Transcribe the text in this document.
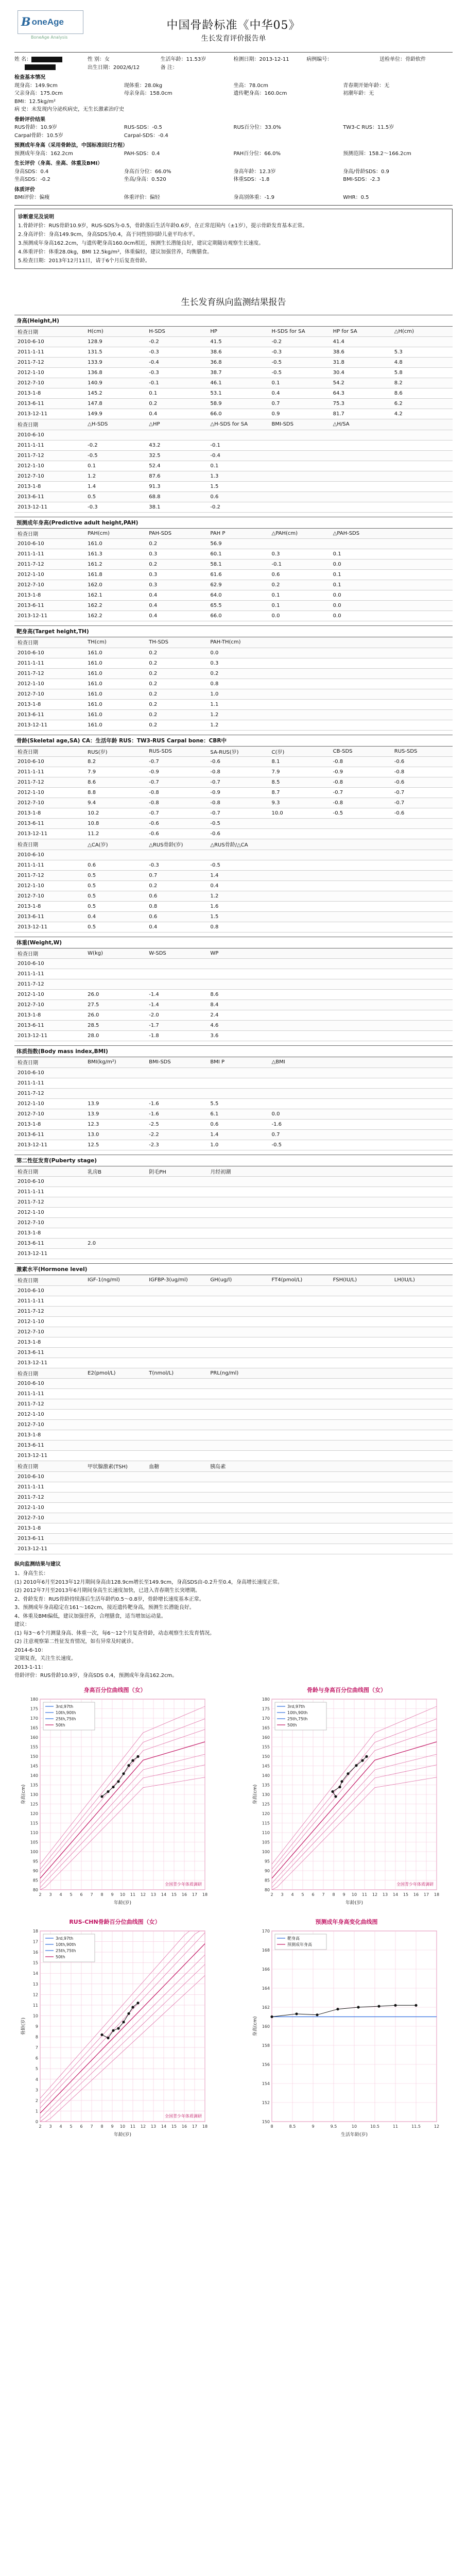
B oneAge
BoneAge Analysis
中国骨龄标准《中华05》
生长发育评价报告单
姓 名：	性 别：女	生活年龄：11.53岁	检测日期：2013-12-11	病例编号：	送检单位：骨龄软件
出生日期：2002/6/12	备 注：
检查基本情况
现身高：149.9cm	现体重：28.0kg	坐高：78.0cm	青春期开始年龄：无
父亲身高：175.0cm	母亲身高：158.0cm	遗传靶身高：160.0cm	初潮年龄：无
BMI：12.5kg/m²
病 史：未发现内分泌疾病史，无生长激素治疗史
骨龄评价结果
RUS骨龄：10.9岁	RUS-SDS：-0.5	RUS百分位：33.0%	TW3-C RUS：11.5岁
Carpal骨龄：10.5岁	Carpal-SDS：-0.4
预测成年身高（采用骨龄法，中国标准回归方程）
预测成年身高：162.2cm	PAH-SDS：0.4	PAH百分位：66.0%	预测范围：158.2～166.2cm
生长评价（身高、坐高、体重及BMI）
身高SDS：0.4	身高百分位：66.0%	身高年龄：12.3岁	身高/骨龄SDS：0.9
坐高SDS：-0.2	坐高/身高：0.520	体重SDS：-1.8	BMI-SDS：-2.3
体质评价
BMI评价：偏瘦	体重评价：偏轻	身高别体重：-1.9	WHR：0.5
诊断意见及说明
1.骨龄评价：RUS骨龄10.9岁，RUS-SDS为-0.5，骨龄落后生活年龄0.6岁，在正常范围内（±1岁），提示骨龄发育基本正常。
2.身高评价：身高149.9cm，身高SDS为0.4，高于同性别同龄儿童平均水平。
3.预测成年身高162.2cm，与遗传靶身高160.0cm相近，预测生长潜能良好，建议定期随访观察生长速度。
4.体重评价：体重28.0kg，BMI 12.5kg/m²，体重偏轻，建议加强营养，均衡膳食。
5.检查日期：2013年12月11日，请于6个月后复查骨龄。
生长发育纵向监测结果报告
身高(Height,H)
检查日期	H(cm)	H-SDS	HP	H-SDS for SA	HP for SA	△H(cm)
2010-6-10	128.9	-0.2	41.5	-0.2	41.4	
2011-1-11	131.5	-0.3	38.6	-0.3	38.6	5.3
2011-7-12	133.9	-0.4	36.8	-0.5	31.8	4.8
2012-1-10	136.8	-0.3	38.7	-0.5	30.4	5.8
2012-7-10	140.9	-0.1	46.1	0.1	54.2	8.2
2013-1-8	145.2	0.1	53.1	0.4	64.3	8.6
2013-6-11	147.8	0.2	58.9	0.7	75.3	6.2
2013-12-11	149.9	0.4	66.0	0.9	81.7	4.2
检查日期	△H-SDS	△HP	△H-SDS for SA	BMI-SDS	△H/SA	
2010-6-10						
2011-1-11	-0.2	43.2	-0.1			
2011-7-12	-0.5	32.5	-0.4			
2012-1-10	0.1	52.4	0.1			
2012-7-10	1.2	87.6	1.3			
2013-1-8	1.4	91.3	1.5			
2013-6-11	0.5	68.8	0.6			
2013-12-11	-0.3	38.1	-0.2			
预测成年身高(Predictive adult height,PAH)
检查日期	PAH(cm)	PAH-SDS	PAH P	△PAH(cm)	△PAH-SDS	
2010-6-10	161.0	0.2	56.9			
2011-1-11	161.3	0.3	60.1	0.3	0.1	
2011-7-12	161.2	0.2	58.1	-0.1	0.0	
2012-1-10	161.8	0.3	61.6	0.6	0.1	
2012-7-10	162.0	0.3	62.9	0.2	0.1	
2013-1-8	162.1	0.4	64.0	0.1	0.0	
2013-6-11	162.2	0.4	65.5	0.1	0.0	
2013-12-11	162.2	0.4	66.0	0.0	0.0	
靶身高(Target height,TH)
检查日期	TH(cm)	TH-SDS	PAH-TH(cm)			
2010-6-10	161.0	0.2	0.0			
2011-1-11	161.0	0.2	0.3			
2011-7-12	161.0	0.2	0.2			
2012-1-10	161.0	0.2	0.8			
2012-7-10	161.0	0.2	1.0			
2013-1-8	161.0	0.2	1.1			
2013-6-11	161.0	0.2	1.2			
2013-12-11	161.0	0.2	1.2			
骨龄(Skeletal age,SA) CA：生活年龄 RUS：TW3-RUS Carpal bone：CBR中
检查日期	RUS(岁)	RUS-SDS	SA-RUS(岁)	C(岁)	CB-SDS	RUS-SDS
2010-6-10	8.2	-0.7	-0.6	8.1	-0.8	-0.6
2011-1-11	7.9	-0.9	-0.8	7.9	-0.9	-0.8
2011-7-12	8.6	-0.7	-0.7	8.5	-0.8	-0.6
2012-1-10	8.8	-0.8	-0.9	8.7	-0.7	-0.7
2012-7-10	9.4	-0.8	-0.8	9.3	-0.8	-0.7
2013-1-8	10.2	-0.7	-0.7	10.0	-0.5	-0.6
2013-6-11	10.8	-0.6	-0.5			
2013-12-11	11.2	-0.6	-0.6			
检查日期	△CA(岁)	△RUS骨龄(岁)	△RUS骨龄/△CA			
2010-6-10						
2011-1-11	0.6	-0.3	-0.5			
2011-7-12	0.5	0.7	1.4			
2012-1-10	0.5	0.2	0.4			
2012-7-10	0.5	0.6	1.2			
2013-1-8	0.5	0.8	1.6			
2013-6-11	0.4	0.6	1.5			
2013-12-11	0.5	0.4	0.8			
体重(Weight,W)
检查日期	W(kg)	W-SDS	WP			
2010-6-10						
2011-1-11						
2011-7-12						
2012-1-10	26.0	-1.4	8.6			
2012-7-10	27.5	-1.4	8.4			
2013-1-8	26.0	-2.0	2.4			
2013-6-11	28.5	-1.7	4.6			
2013-12-11	28.0	-1.8	3.6			
体质指数(Body mass index,BMI)
检查日期	BMI(kg/m²)	BMI-SDS	BMI P	△BMI		
2010-6-10						
2011-1-11						
2011-7-12						
2012-1-10	13.9	-1.6	5.5			
2012-7-10	13.9	-1.6	6.1	0.0		
2013-1-8	12.3	-2.5	0.6	-1.6		
2013-6-11	13.0	-2.2	1.4	0.7		
2013-12-11	12.5	-2.3	1.0	-0.5		
第二性征发育(Puberty stage)
检查日期	乳房B	阴毛PH	月经初潮			
2010-6-10						
2011-1-11						
2011-7-12						
2012-1-10						
2012-7-10						
2013-1-8						
2013-6-11	2.0					
2013-12-11						
激素水平(Hormone level)
检查日期	IGF-1(ng/ml)	IGFBP-3(ug/ml)	GH(ug/l)	FT4(pmol/L)	FSH(IU/L)	LH(IU/L)
2010-6-10						
2011-1-11						
2011-7-12						
2012-1-10						
2012-7-10						
2013-1-8						
2013-6-11						
2013-12-11						
检查日期	E2(pmol/L)	T(nmol/L)	PRL(ng/ml)			
2010-6-10						
2011-1-11						
2011-7-12						
2012-1-10						
2012-7-10						
2013-1-8						
2013-6-11						
2013-12-11						
检查日期	甲状腺激素(TSH)	血糖	胰岛素			
2010-6-10						
2011-1-11						
2011-7-12						
2012-1-10						
2012-7-10						
2013-1-8						
2013-6-11						
2013-12-11						
纵向监测结果与建议
1、身高生长：
(1) 2010年6月至2013年12月期间身高由128.9cm增长至149.9cm，身高SDS由-0.2升至0.4，身高增长速度正常。
(2) 2012年7月至2013年6月期间身高生长速度加快，已进入青春期生长突增期。
2、骨龄发育：RUS骨龄持续落后生活年龄约0.5～0.8岁，骨龄增长速度基本正常。
3、预测成年身高稳定在161～162cm，接近遗传靶身高，预测生长潜能良好。
4、体重及BMI偏低，建议加强营养，合理膳食，适当增加运动量。
建议：
(1) 每3～6个月测量身高、体重一次，每6～12个月复查骨龄，动态观察生长发育情况。
(2) 注意观察第二性征发育情况，如有异常及时就诊。
2014-6-10：
定期复查，关注生长速度。
2013-1-11：
骨龄评价：RUS骨龄10.9岁，身高SDS 0.4，预测成年身高162.2cm。
身高百分位曲线图（女）
2 3 4 5 6 7 8 9 10 11 12 13 14 15 16 17 18
80
85
90
95
100
105
110
115
120
125
130
135
140
145
150
155
160
165
170
175
180
3rd,97th
10th,90th
25th,75th
50th
年龄(岁)
身高(cm)
全国青少年体质调研
骨龄与身高百分位曲线图（女）
2 3 4 5 6 7 8 9 10 11 12 13 14 15 16 17 18
80
85
90
95
100
105
110
115
120
125
130
135
140
145
150
155
160
165
170
175
180
3rd,97th
10th,90th
25th,75th
50th
年龄(岁)
身高(cm)
全国青少年体质调研
RUS-CHN骨龄百分位曲线图（女）
2 3 4 5 6 7 8 9 10 11 12 13 14 15 16 17 18
0
1
2
3
4
5
6
7
8
9
10
11
12
13
14
15
16
17
18
3rd,97th
10th,90th
25th,75th
50th
年龄(岁)
骨龄(岁)
全国青少年体质调研
预测成年身高变化曲线图
8	8.5	9	9.5	10	10.5	11	11.5	12
150
152
154
156
158
160
162
164
166
168
170
靶身高
预测成年身高
生活年龄(岁)
身高(cm)
